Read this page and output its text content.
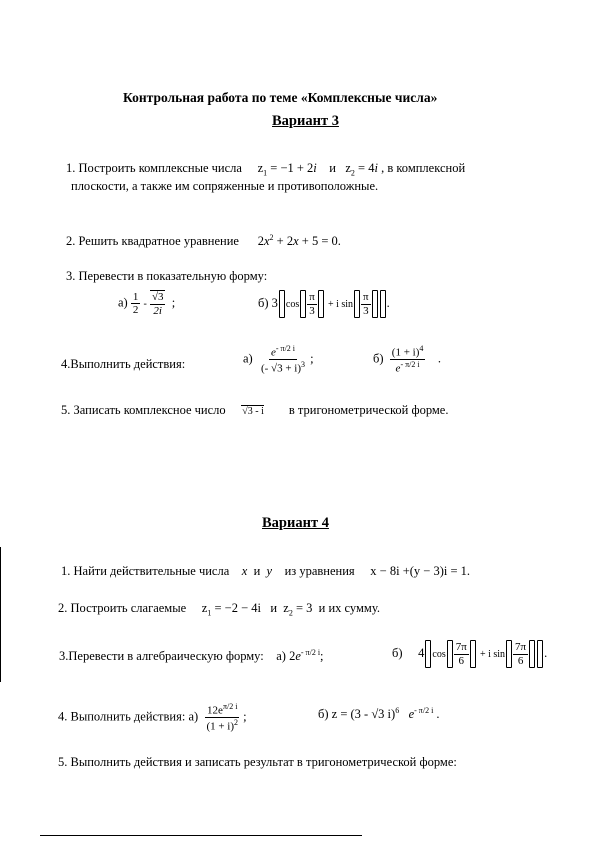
Контрольная работа по теме «Комплексные числа»
Вариант 3
1. Построить комплексные числа $z_1 = -1 + 2i$ и $z_2 = 4i$ , в комплексной
плоскости, а также им сопряженные и противоположные.
2. Решить квадратное уравнение $2x^2 + 2x + 5 = 0$.
3. Перевести в показательную форму:
$а) \frac{1}{2} - \frac{√3}{2i}$ ;	б) 3 $\cos \frac{\pi}{3} + i$ $\sin \frac{\pi}{3}$ .
4.Выполнить действия:	$а) \frac{e^{- \pi/2 i}}{(- √3 + i)^3}$ ;	$б) \frac{(1 + i)^4}{e^{- \pi/2 i}}$ .
5. Записать комплексное число √3 - i в тригонометрической форме.
Вариант 4
1. Найти действительные числа x и y из уравнения x − 8i +(y − 3)i = 1.
2. Построить слагаемые $z_1 = -2 - 4i$ и $z_2 = 3$ и их сумму.
3.Перевести в алгебраическую форму: а) $2e^{- \pi/2 i}$;	б) 4 $\cos \frac{7\pi}{6} + i$ $\sin \frac{7\pi}{6}$ .
4. Выполнить действия: $а) \frac{12e^{\pi/2 i}}{(1 + i)^2}$ ;	б) z = (3 - √3 i)$^6$ $e^{- \pi/2 i}$ .
5. Выполнить действия и записать результат в тригонометрической форме:
